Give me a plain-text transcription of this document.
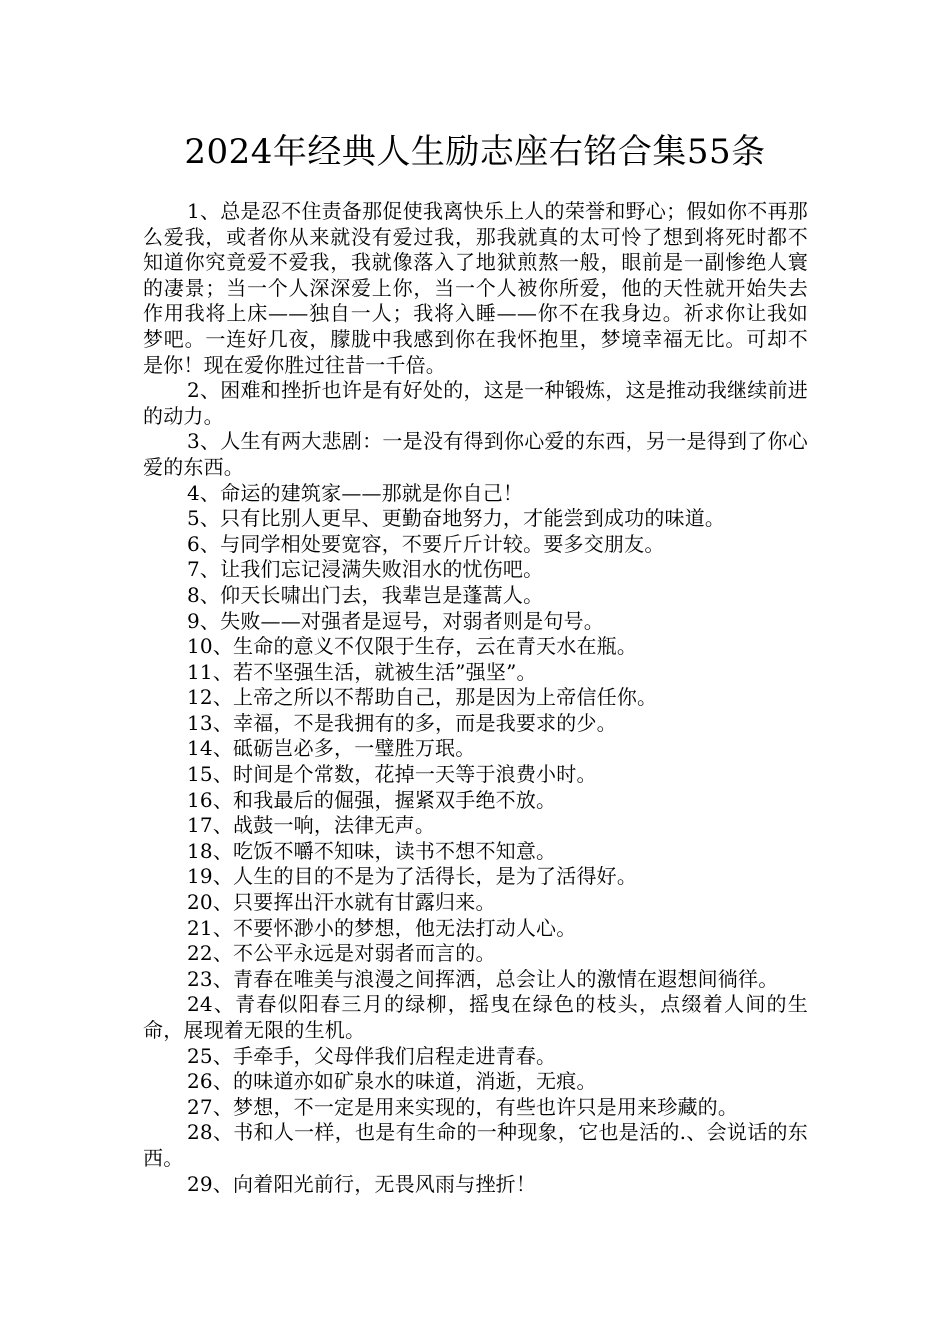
2024年经典人生励志座右铭合集55条

1、总是忍不住责备那促使我离快乐上人的荣誉和野心；假如你不再那么爱我，或者你从来就没有爱过我，那我就真的太可怜了想到将死时都不知道你究竟爱不爱我，我就像落入了地狱煎熬一般，眼前是一副惨绝人寰的凄景；当一个人深深爱上你，当一个人被你所爱，他的天性就开始失去作用我将上床——独自一人；我将入睡——你不在我身边。祈求你让我如梦吧。一连好几夜，朦胧中我感到你在我怀抱里，梦境幸福无比。可却不是你！现在爱你胜过往昔一千倍。

2、困难和挫折也许是有好处的，这是一种锻炼，这是推动我继续前进的动力。

3、人生有两大悲剧：一是没有得到你心爱的东西，另一是得到了你心爱的东西。

4、命运的建筑家——那就是你自己！

5、只有比别人更早、更勤奋地努力，才能尝到成功的味道。

6、与同学相处要宽容，不要斤斤计较。要多交朋友。

7、让我们忘记浸满失败泪水的忧伤吧。

8、仰天长啸出门去，我辈岂是蓬蒿人。

9、失败——对强者是逗号，对弱者则是句号。

10、生命的意义不仅限于生存，云在青天水在瓶。

11、若不坚强生活，就被生活”强坚”。

12、上帝之所以不帮助自己，那是因为上帝信任你。

13、幸福，不是我拥有的多，而是我要求的少。

14、砥砺岂必多，一璧胜万珉。

15、时间是个常数，花掉一天等于浪费小时。

16、和我最后的倔强，握紧双手绝不放。

17、战鼓一响，法律无声。

18、吃饭不嚼不知味，读书不想不知意。

19、人生的目的不是为了活得长，是为了活得好。

20、只要挥出汗水就有甘露归来。

21、不要怀渺小的梦想，他无法打动人心。

22、不公平永远是对弱者而言的。

23、青春在唯美与浪漫之间挥洒，总会让人的激情在遐想间徜徉。

24、青春似阳春三月的绿柳，摇曳在绿色的枝头，点缀着人间的生命，展现着无限的生机。

25、手牵手，父母伴我们启程走进青春。

26、的味道亦如矿泉水的味道，消逝，无痕。

27、梦想，不一定是用来实现的，有些也许只是用来珍藏的。

28、书和人一样，也是有生命的一种现象，它也是活的.、会说话的东西。

29、向着阳光前行，无畏风雨与挫折！
